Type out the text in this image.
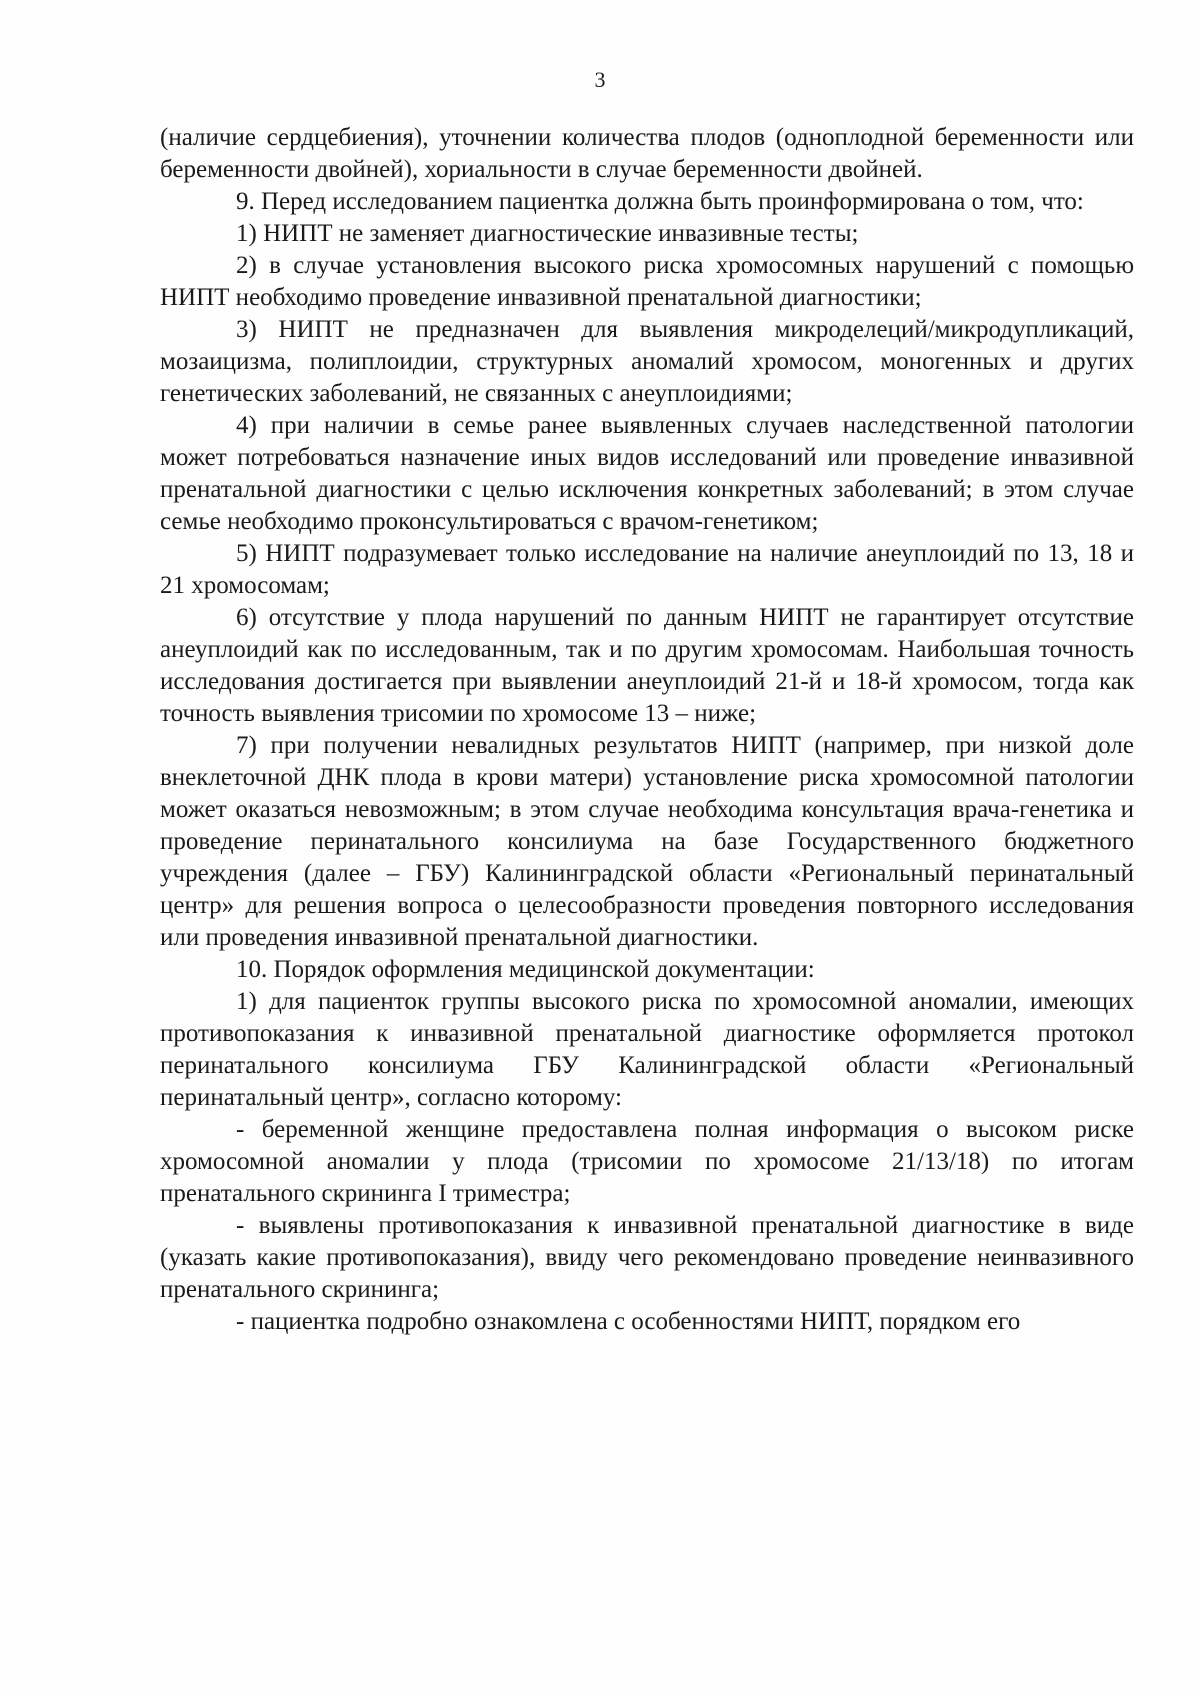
3

(наличие сердцебиения), уточнении количества плодов (одноплодной беременности или беременности двойней), хориальности в случае беременности двойней.

9. Перед исследованием пациентка должна быть проинформирована о том, что:

1) НИПТ не заменяет диагностические инвазивные тесты;

2) в случае установления высокого риска хромосомных нарушений с помощью НИПТ необходимо проведение инвазивной пренатальной диагностики;

3) НИПТ не предназначен для выявления микроделеций/микродупликаций, мозаицизма, полиплоидии, структурных аномалий хромосом, моногенных и других генетических заболеваний, не связанных с анеуплоидиями;

4) при наличии в семье ранее выявленных случаев наследственной патологии может потребоваться назначение иных видов исследований или проведение инвазивной пренатальной диагностики с целью исключения конкретных заболеваний; в этом случае семье необходимо проконсультироваться с врачом-генетиком;

5) НИПТ подразумевает только исследование на наличие анеуплоидий по 13, 18 и 21 хромосомам;

6) отсутствие у плода нарушений по данным НИПТ не гарантирует отсутствие анеуплоидий как по исследованным, так и по другим хромосомам. Наибольшая точность исследования достигается при выявлении анеуплоидий 21-й и 18-й хромосом, тогда как точность выявления трисомии по хромосоме 13 – ниже;

7) при получении невалидных результатов НИПТ (например, при низкой доле внеклеточной ДНК плода в крови матери) установление риска хромосомной патологии может оказаться невозможным; в этом случае необходима консультация врача-генетика и проведение перинатального консилиума на базе Государственного бюджетного учреждения (далее – ГБУ) Калининградской области «Региональный перинатальный центр» для решения вопроса о целесообразности проведения повторного исследования или проведения инвазивной пренатальной диагностики.

10. Порядок оформления медицинской документации:

1) для пациенток группы высокого риска по хромосомной аномалии, имеющих противопоказания к инвазивной пренатальной диагностике оформляется протокол перинатального консилиума ГБУ Калининградской области «Региональный перинатальный центр», согласно которому:

- беременной женщине предоставлена полная информация о высоком риске хромосомной аномалии у плода (трисомии по хромосоме 21/13/18) по итогам пренатального скрининга I триместра;

- выявлены противопоказания к инвазивной пренатальной диагностике в виде (указать какие противопоказания), ввиду чего рекомендовано проведение неинвазивного пренатального скрининга;

- пациентка подробно ознакомлена с особенностями НИПТ, порядком его
